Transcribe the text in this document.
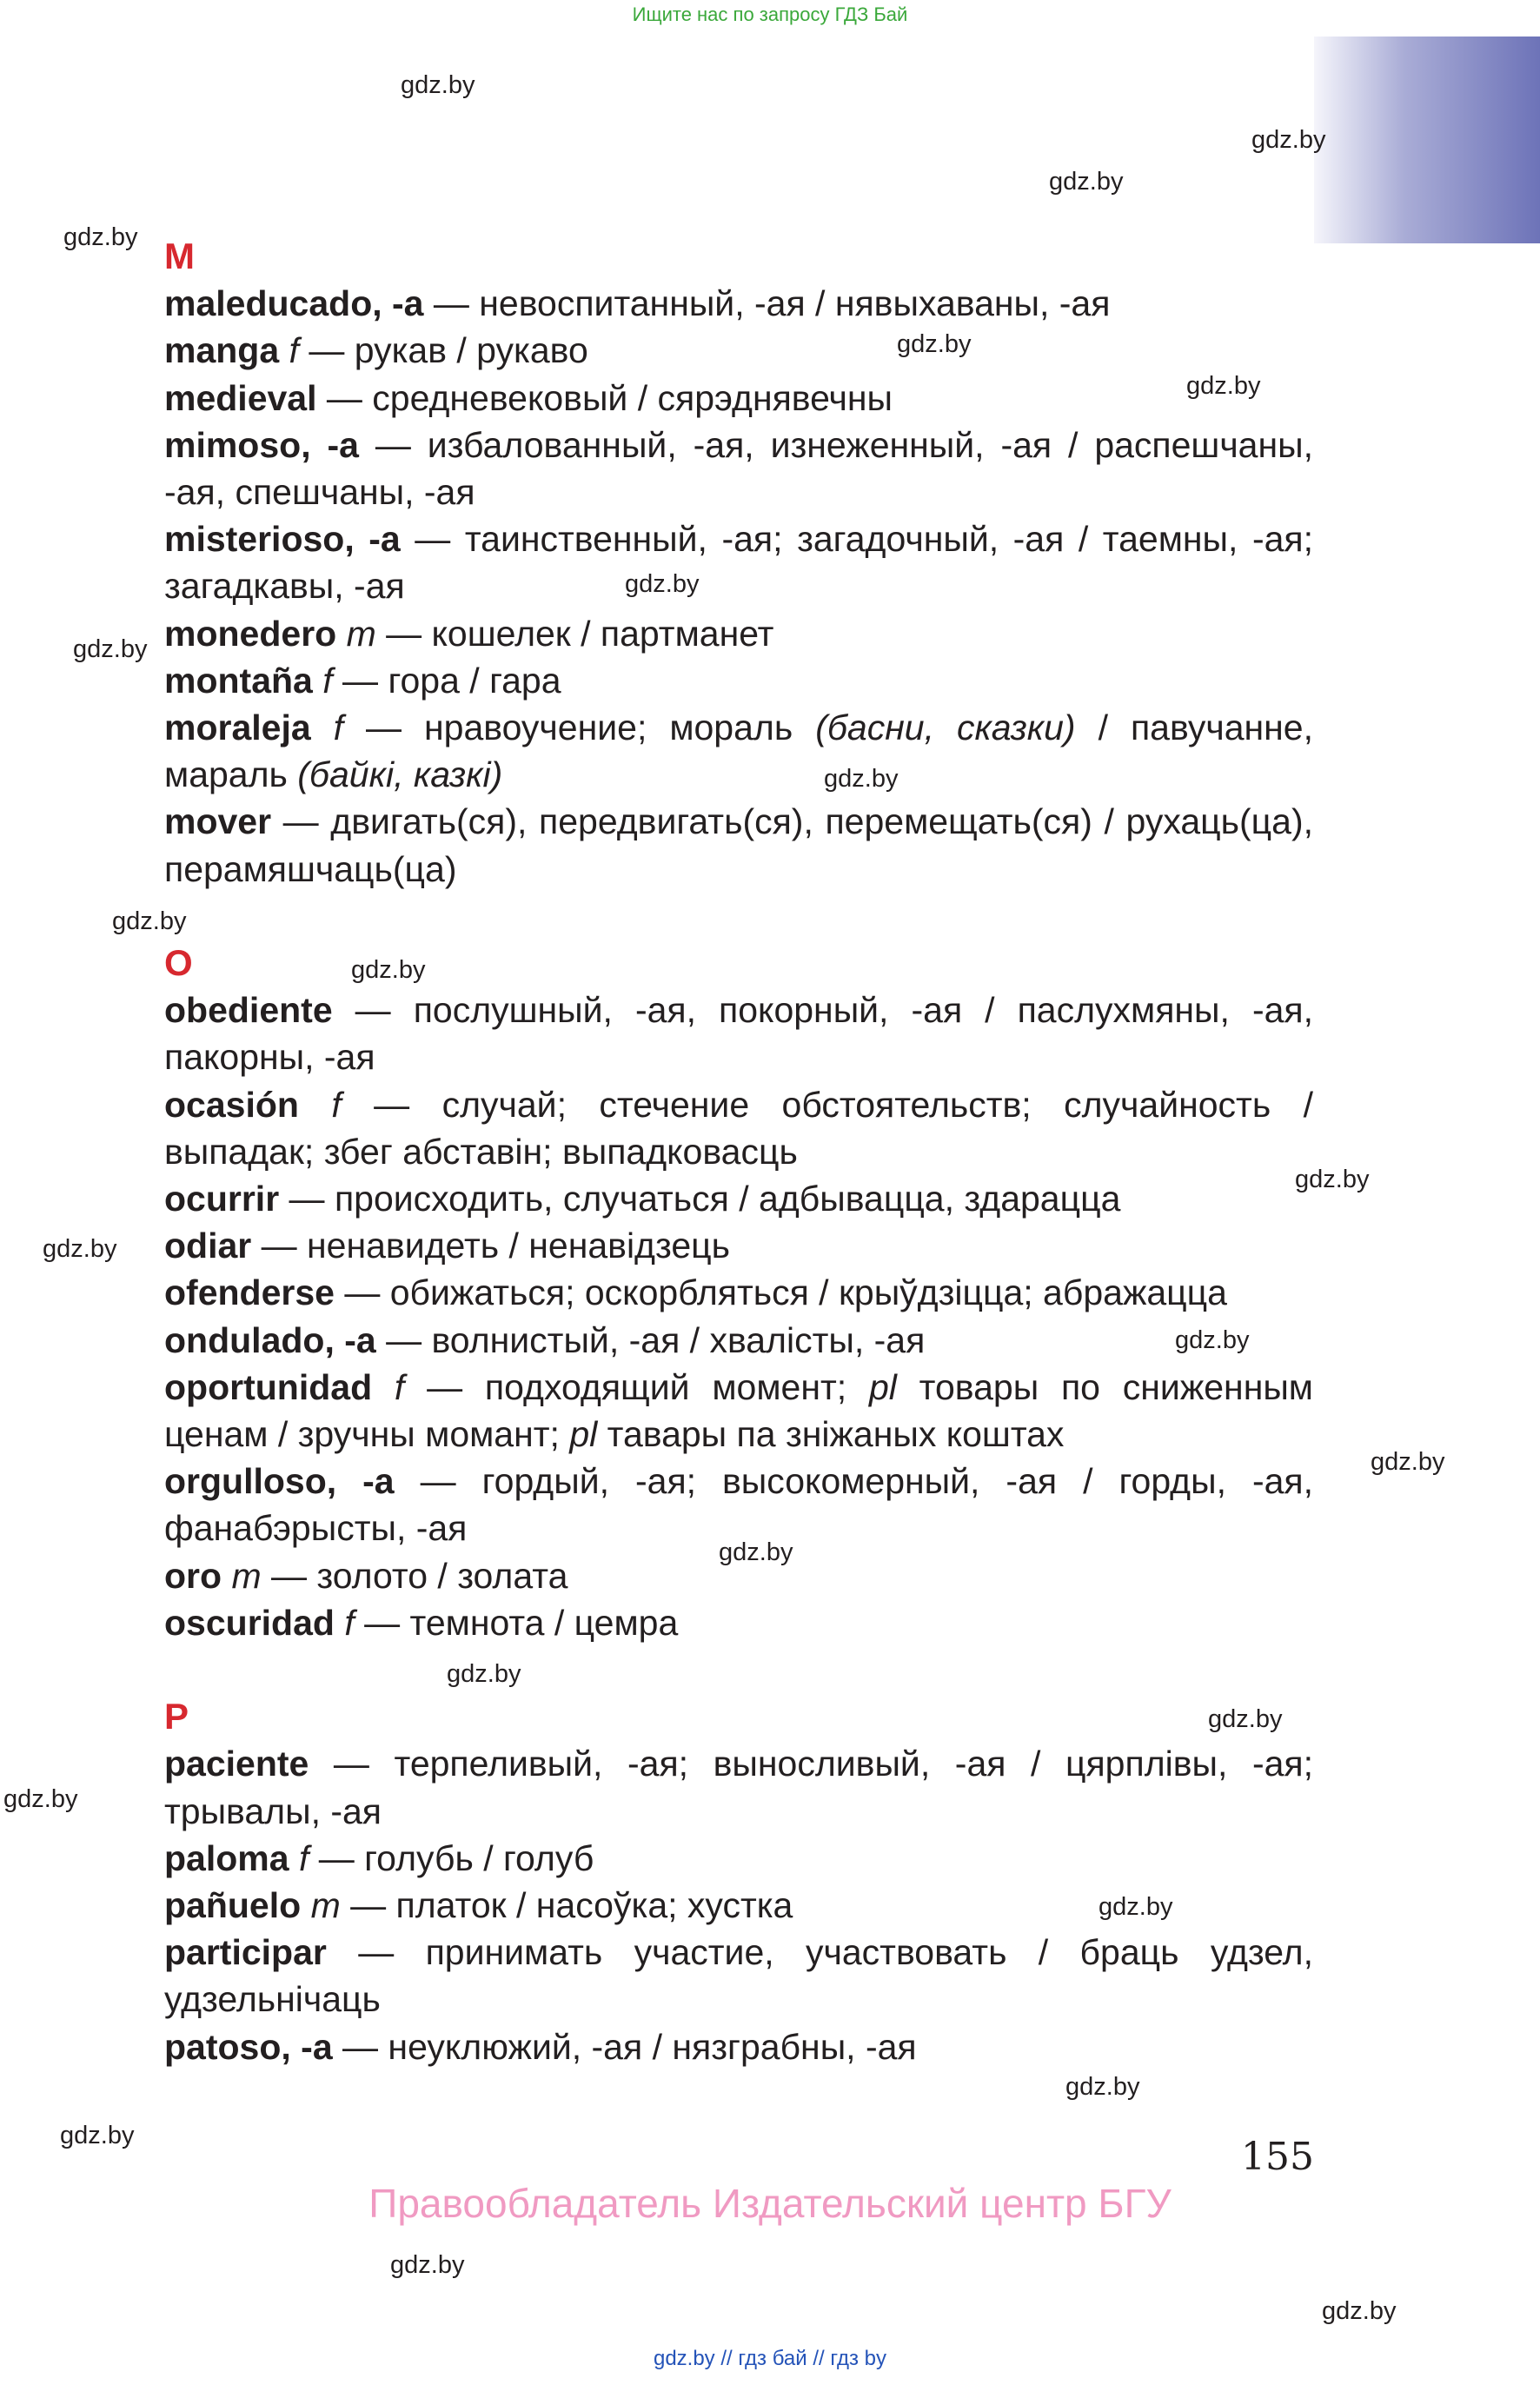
Ищите нас по запросу ГДЗ Бай
gdz.by
gdz.by
gdz.by
gdz.by
gdz.by
gdz.by
gdz.by
gdz.by
gdz.by
gdz.by
gdz.by
gdz.by
gdz.by
gdz.by
gdz.by
gdz.by
gdz.by
gdz.by
gdz.by
gdz.by
gdz.by
gdz.by
gdz.by
gdz.by
M
maleducado, -a — невоспитанный, -ая / нявыхаваны, -ая
manga f — рукав / рукаво
medieval — средневековый / сярэднявечны
mimoso, -a — избалованный, -ая, изнеженный, -ая / распешчаны, -ая, спешчаны, -ая
misterioso, -a — таинственный, -ая; загадочный, -ая / таемны, -ая; загадкавы, -ая
monedero m — кошелек / партманет
montaña f — гора / гара
moraleja f — нравоучение; мораль (басни, сказки) / павучанне, мараль (байкі, казкі)
mover — двигать(ся), передвигать(ся), перемещать(ся) / рухаць(ца), перамяшчаць(ца)
O
obediente — послушный, -ая, покорный, -ая / паслухмяны, -ая, пакорны, -ая
ocasión f — случай; стечение обстоятельств; случайность / выпадак; збег абставін; выпадковасць
ocurrir — происходить, случаться / адбывацца, здарацца
odiar — ненавидеть / ненавідзець
ofenderse — обижаться; оскорбляться / крыўдзіцца; абражацца
ondulado, -a — волнистый, -ая / хвалісты, -ая
oportunidad f — подходящий момент; pl товары по сниженным ценам / зручны момант; pl тавары па зніжаных коштах
orgulloso, -a — гордый, -ая; высокомерный, -ая / горды, -ая, фанабэрысты, -ая
oro m — золото / золата
oscuridad f — темнота / цемра
P
paciente — терпеливый, -ая; выносливый, -ая / цярплівы, -ая; трывалы, -ая
paloma f — голубь / голуб
pañuelo m — платок / насоўка; хустка
participar — принимать участие, участвовать / браць удзел, удзельнічаць
patoso, -a — неуклюжий, -ая / нязграбны, -ая
155
Правообладатель Издательский центр БГУ
gdz.by // гдз бай // гдз by
